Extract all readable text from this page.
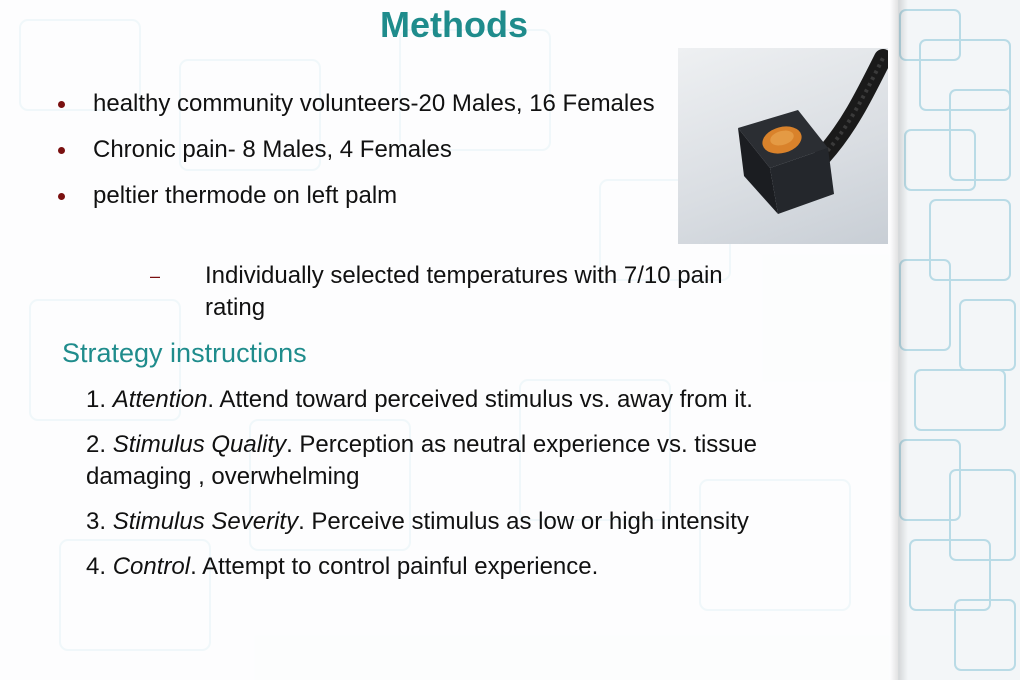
Methods
healthy community volunteers-20 Males, 16 Females
Chronic pain- 8 Males, 4 Females
peltier thermode on left palm
– Individually selected temperatures with 7/10 pain rating
Strategy instructions
1. Attention. Attend toward perceived stimulus vs. away from it.
2. Stimulus Quality. Perception as neutral experience vs. tissue damaging , overwhelming
3. Stimulus Severity. Perceive stimulus as low or high intensity
4. Control. Attempt to control painful experience.
